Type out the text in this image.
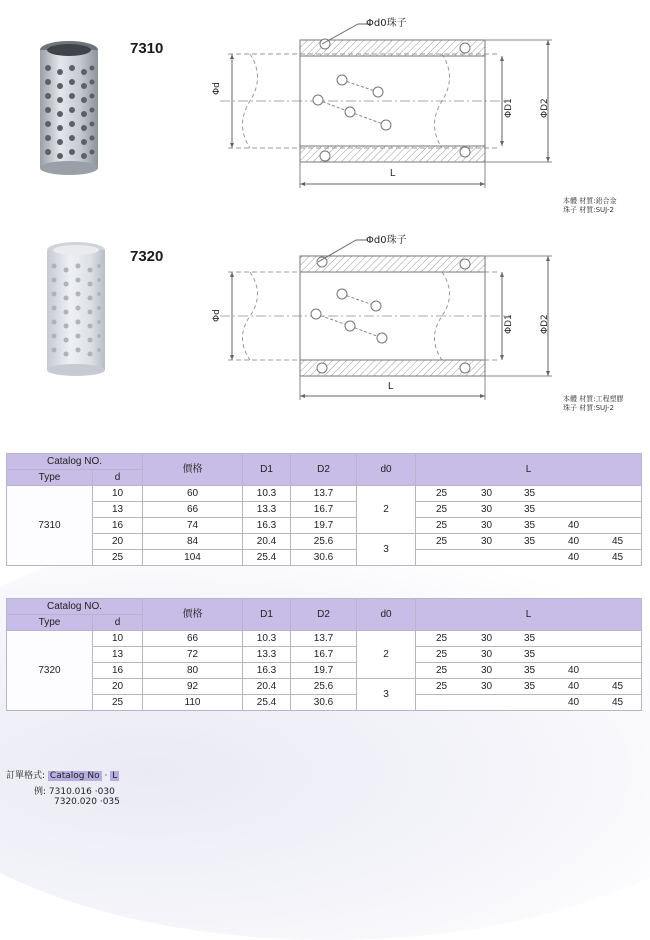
7310
Φd0珠子
Φd
ΦD1	ΦD2
L
本體 材質:鋁合金
珠子 材質:SUJ-2
7320
Φd0珠子
Φd	ΦD1	ΦD2
L
本體 材質:工程塑膠
珠子 材質:SUJ-2
Catalog NO.		價格	D1	D2	d0	L
Type	d					
7310	10	60	10.3	13.7	2	25 30 35

	13	66	13.3	16.7		25 30 35

	16	74	16.3	19.7		25 30 35 40

	20	84	20.4	25.6	3	25 30 35 40 45

	25	104	25.4	30.6		40 45
Catalog NO.		價格	D1	D2	d0	L
Type	d					
7320	10	66	10.3	13.7	2	25 30 35

	13	72	13.3	16.7		25 30 35

	16	80	16.3	19.7		25 30 35 40

	20	92	20.4	25.6	3	25 30 35 40 45

	25	110	25.4	30.6		40 45
訂單格式: Catalog No · L
例: 7310.016 ·030
7320.020 ·035
